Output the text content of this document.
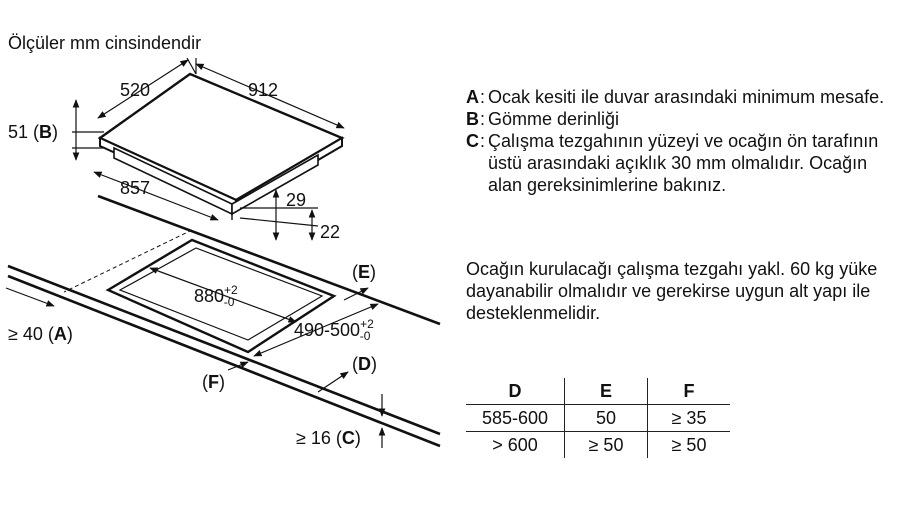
Ölçüler mm cinsindendir
520	912
51 (B)
857
29
22
$880^{+2}$ -0
$490-500^{+2}$ -0
≥ 40 (A)
≥ 16 (C)
(E)
(D)
(F)
A : Ocak kesiti ile duvar arasındaki minimum mesafe.
B : Gömme derinliği
C : Çalışma tezgahının yüzeyi ve ocağın ön tarafının üstü arasındaki açıklık 30 mm olmalıdır. Ocağın alan gereksinimlerine bakınız.
Ocağın kurulacağı çalışma tezgahı yakl. 60 kg yüke dayanabilir olmalıdır ve gerekirse uygun alt yapı ile desteklenmelidir.
D	E	F
585-600	50	≥ 35
> 600	≥ 50	≥ 50
